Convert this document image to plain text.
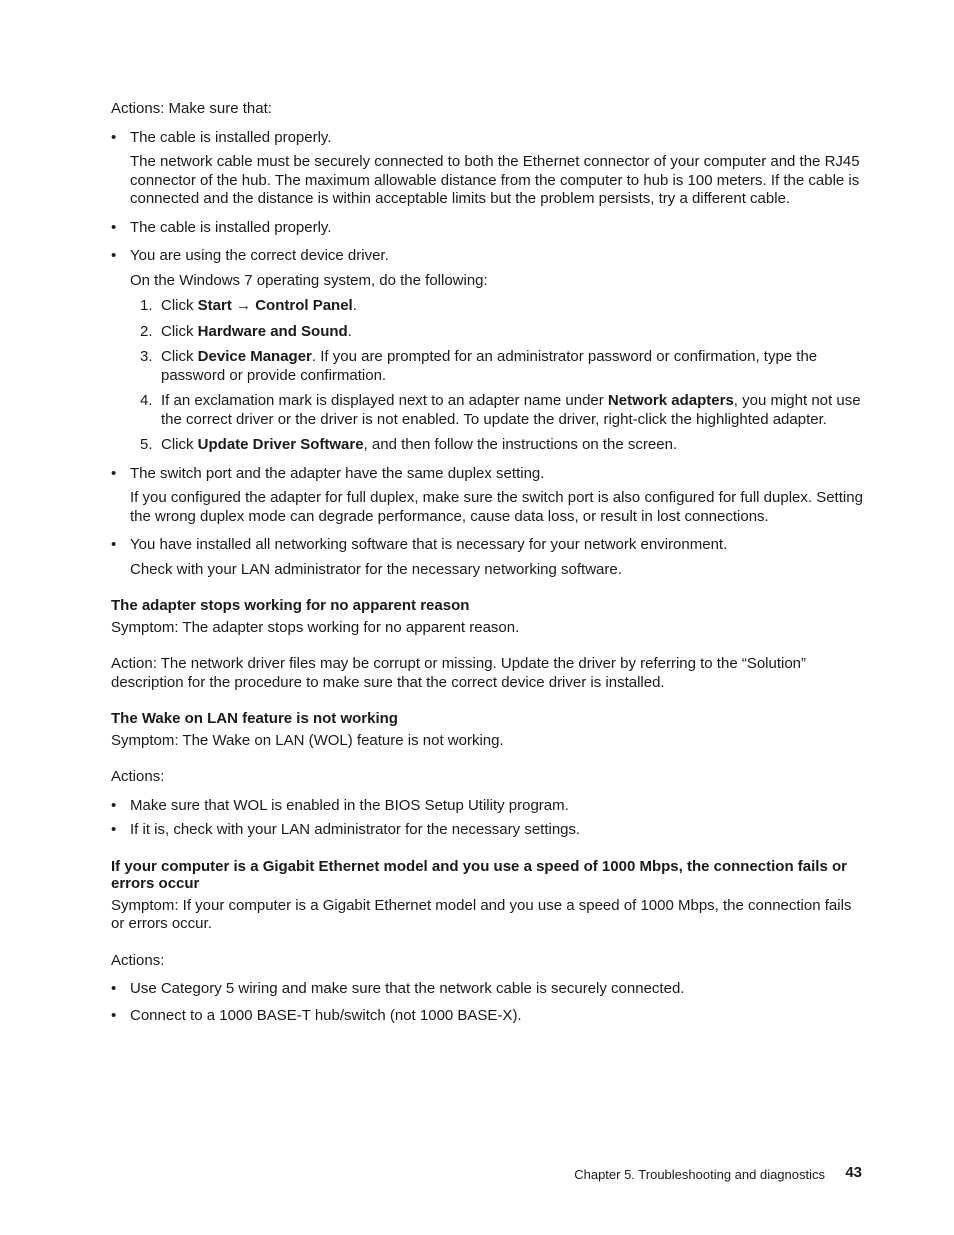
Actions: Make sure that:

• The cable is installed properly.

The network cable must be securely connected to both the Ethernet connector of your computer and the RJ45 connector of the hub. The maximum allowable distance from the computer to hub is 100 meters. If the cable is connected and the distance is within acceptable limits but the problem persists, try a different cable.

• The cable is installed properly.
• You are using the correct device driver.

On the Windows 7 operating system, do the following:

1. Click Start → Control Panel.
2. Click Hardware and Sound.
3. Click Device Manager. If you are prompted for an administrator password or confirmation, type the password or provide confirmation.
4. If an exclamation mark is displayed next to an adapter name under Network adapters, you might not use the correct driver or the driver is not enabled. To update the driver, right-click the highlighted adapter.
5. Click Update Driver Software, and then follow the instructions on the screen.
• The switch port and the adapter have the same duplex setting.

If you configured the adapter for full duplex, make sure the switch port is also configured for full duplex. Setting the wrong duplex mode can degrade performance, cause data loss, or result in lost connections.

• You have installed all networking software that is necessary for your network environment.

Check with your LAN administrator for the necessary networking software.

The adapter stops working for no apparent reason

Symptom: The adapter stops working for no apparent reason.

Action: The network driver files may be corrupt or missing. Update the driver by referring to the “Solution” description for the procedure to make sure that the correct device driver is installed.

The Wake on LAN feature is not working

Symptom: The Wake on LAN (WOL) feature is not working.

Actions:

• Make sure that WOL is enabled in the BIOS Setup Utility program.
• If it is, check with your LAN administrator for the necessary settings.
If your computer is a Gigabit Ethernet model and you use a speed of 1000 Mbps, the connection fails or errors occur

Symptom: If your computer is a Gigabit Ethernet model and you use a speed of 1000 Mbps, the connection fails or errors occur.

Actions:

• Use Category 5 wiring and make sure that the network cable is securely connected.
• Connect to a 1000 BASE-T hub/switch (not 1000 BASE-X).
Chapter 5. Troubleshooting and diagnostics 43
